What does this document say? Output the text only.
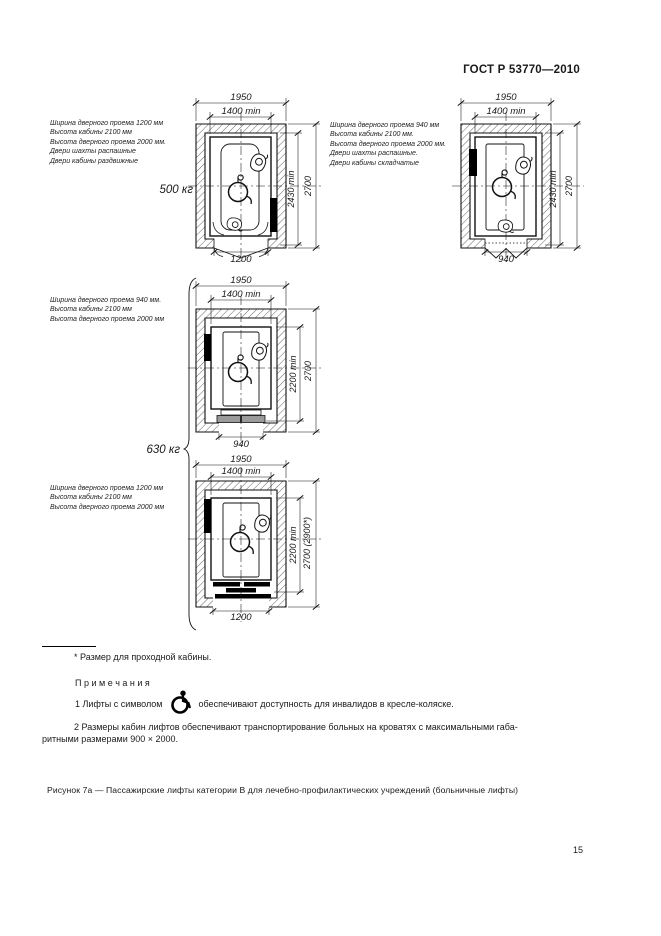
ГОСТ Р 53770—2010
Ширина дверного проема 1200 мм
Высота кабины 2100 мм
Высота дверного проема 2000 мм.
Двери шахты распашные
Двери кабины раздвижные
Ширина дверного проема 940 мм
Высота кабины 2100 мм.
Высота дверного проема 2000 мм.
Двери шахты распашные.
Двери кабины складчатые
Ширина дверного проема 940 мм.
Высота кабины 2100 мм
Высота дверного проема 2000 мм
Ширина дверного проема 1200 мм
Высота кабины 2100 мм
Высота дверного проема 2000 мм
1950
1400 min
2430 min 2700
1200
500 кг
1950
1400 min
2430 min 2700
940
1950
1400 min
2200 min 2700
940
1950
1400 min
2200 min 2700 (2900*)
1200
630 кг
* Размер для проходной кабины.
П р и м е ч а н и я
1 Лифты с символом	обеспечивают доступность для инвалидов в кресле-коляске.
2 Размеры кабин лифтов обеспечивают транспортирование больных на кроватях с максимальными габа-
ритными размерами 900 × 2000.
Рисунок 7а — Пассажирские лифты категории В для лечебно-профилактических учреждений (больничные лифты)
15
